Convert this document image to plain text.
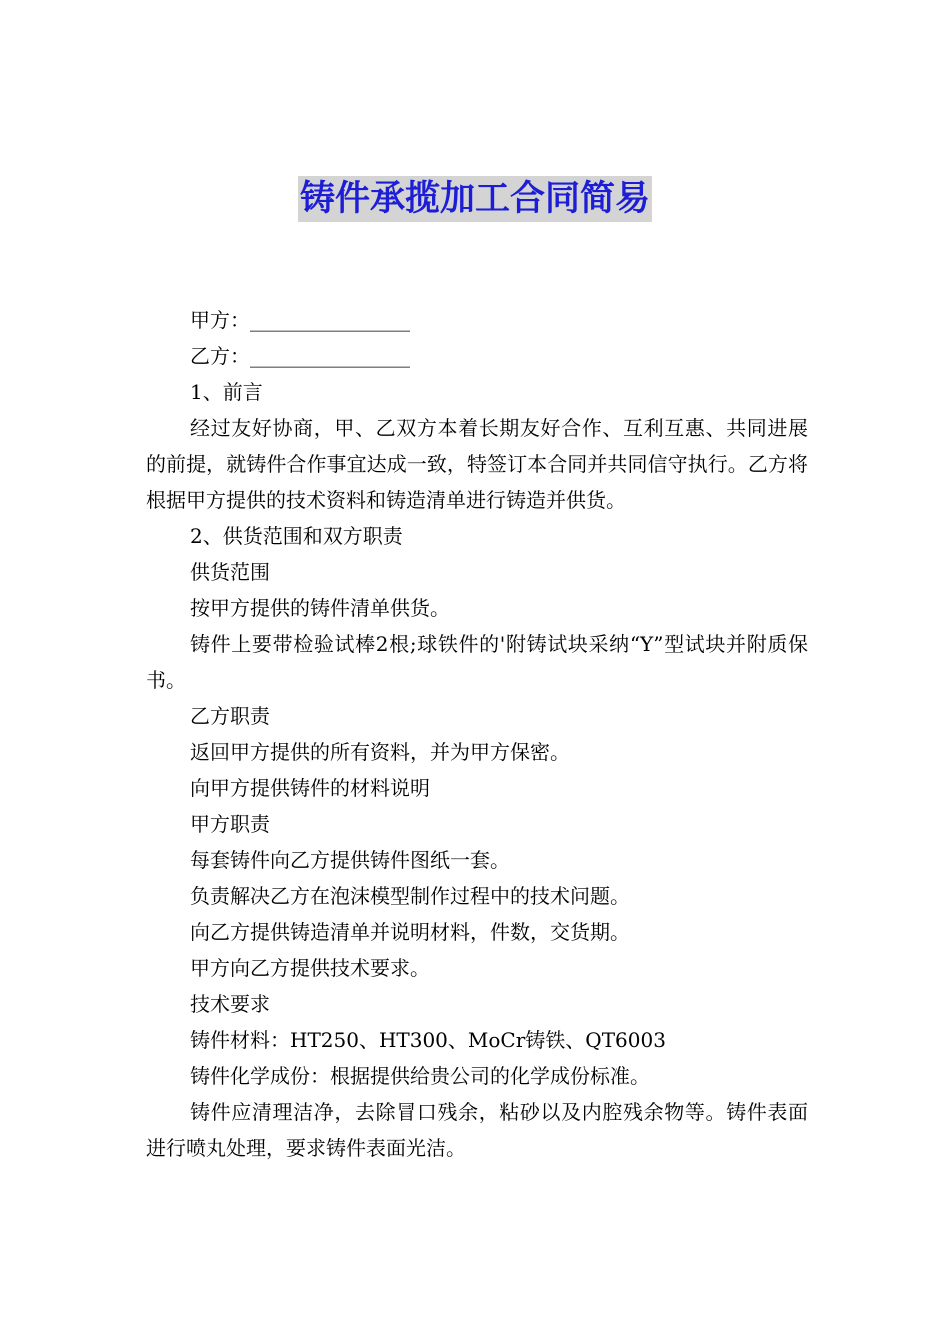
铸件承揽加工合同简易

甲方：________________

乙方：________________

1、前言

经过友好协商，甲、乙双方本着长期友好合作、互利互惠、共同进展的前提，就铸件合作事宜达成一致，特签订本合同并共同信守执行。乙方将根据甲方提供的技术资料和铸造清单进行铸造并供货。

2、供货范围和双方职责

供货范围

按甲方提供的铸件清单供货。

铸件上要带检验试棒2根;球铁件的'附铸试块采纳“Y”型试块并附质保书。

乙方职责

返回甲方提供的所有资料，并为甲方保密。

向甲方提供铸件的材料说明

甲方职责

每套铸件向乙方提供铸件图纸一套。

负责解决乙方在泡沫模型制作过程中的技术问题。

向乙方提供铸造清单并说明材料，件数，交货期。

甲方向乙方提供技术要求。

技术要求

铸件材料：HT250、HT300、MoCr铸铁、QT6003

铸件化学成份：根据提供给贵公司的化学成份标准。

铸件应清理洁净，去除冒口残余，粘砂以及内腔残余物等。铸件表面进行喷丸处理，要求铸件表面光洁。
